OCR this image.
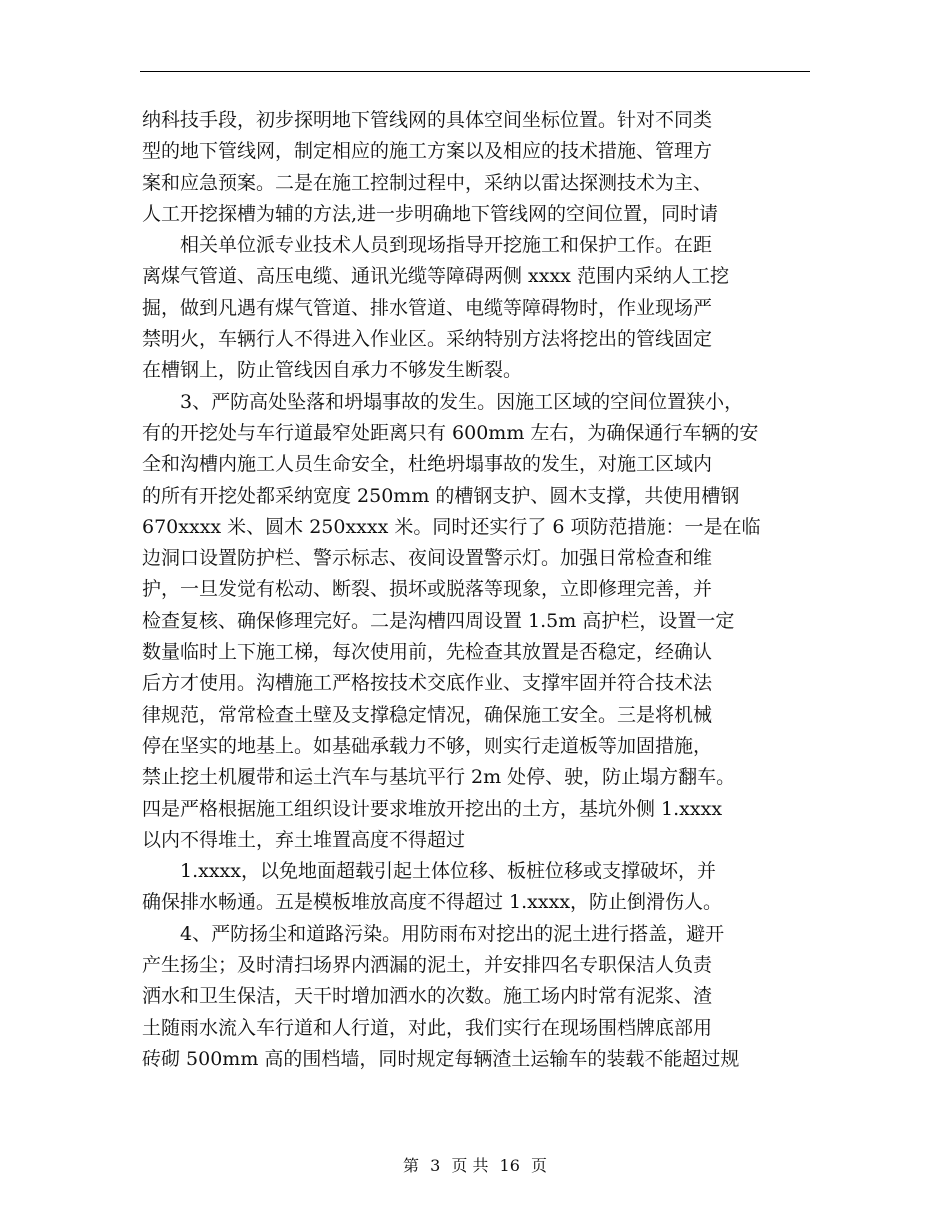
纳科技手段，初步探明地下管线网的具体空间坐标位置。针对不同类
型的地下管线网，制定相应的施工方案以及相应的技术措施、管理方
案和应急预案。二是在施工控制过程中，采纳以雷达探测技术为主、
人工开挖探槽为辅的方法,进一步明确地下管线网的空间位置，同时请
相关单位派专业技术人员到现场指导开挖施工和保护工作。在距
离煤气管道、高压电缆、通讯光缆等障碍两侧 xxxx 范围内采纳人工挖
掘，做到凡遇有煤气管道、排水管道、电缆等障碍物时，作业现场严
禁明火，车辆行人不得进入作业区。采纳特别方法将挖出的管线固定
在槽钢上，防止管线因自承力不够发生断裂。
3、严防高处坠落和坍塌事故的发生。因施工区域的空间位置狭小，
有的开挖处与车行道最窄处距离只有 600mm 左右，为确保通行车辆的安
全和沟槽内施工人员生命安全，杜绝坍塌事故的发生，对施工区域内
的所有开挖处都采纳宽度 250mm 的槽钢支护、圆木支撑，共使用槽钢
670xxxx 米、圆木 250xxxx 米。同时还实行了 6 项防范措施：一是在临
边洞口设置防护栏、警示标志、夜间设置警示灯。加强日常检查和维
护，一旦发觉有松动、断裂、损坏或脱落等现象，立即修理完善，并
检查复核、确保修理完好。二是沟槽四周设置 1.5m 高护栏，设置一定
数量临时上下施工梯，每次使用前，先检查其放置是否稳定，经确认
后方才使用。沟槽施工严格按技术交底作业、支撑牢固并符合技术法
律规范，常常检查土壁及支撑稳定情况，确保施工安全。三是将机械
停在坚实的地基上。如基础承载力不够，则实行走道板等加固措施，
禁止挖土机履带和运土汽车与基坑平行 2m 处停、驶，防止塌方翻车。
四是严格根据施工组织设计要求堆放开挖出的土方，基坑外侧 1.xxxx
以内不得堆土，弃土堆置高度不得超过
1.xxxx，以免地面超载引起土体位移、板桩位移或支撑破坏，并
确保排水畅通。五是模板堆放高度不得超过 1.xxxx，防止倒滑伤人。
4、严防扬尘和道路污染。用防雨布对挖出的泥土进行搭盖，避开
产生扬尘；及时清扫场界内洒漏的泥土，并安排四名专职保洁人负责
洒水和卫生保洁，天干时增加洒水的次数。施工场内时常有泥浆、渣
土随雨水流入车行道和人行道，对此，我们实行在现场围档牌底部用
砖砌 500mm 高的围档墙，同时规定每辆渣土运输车的装载不能超过规
第 3 页 共 16 页
